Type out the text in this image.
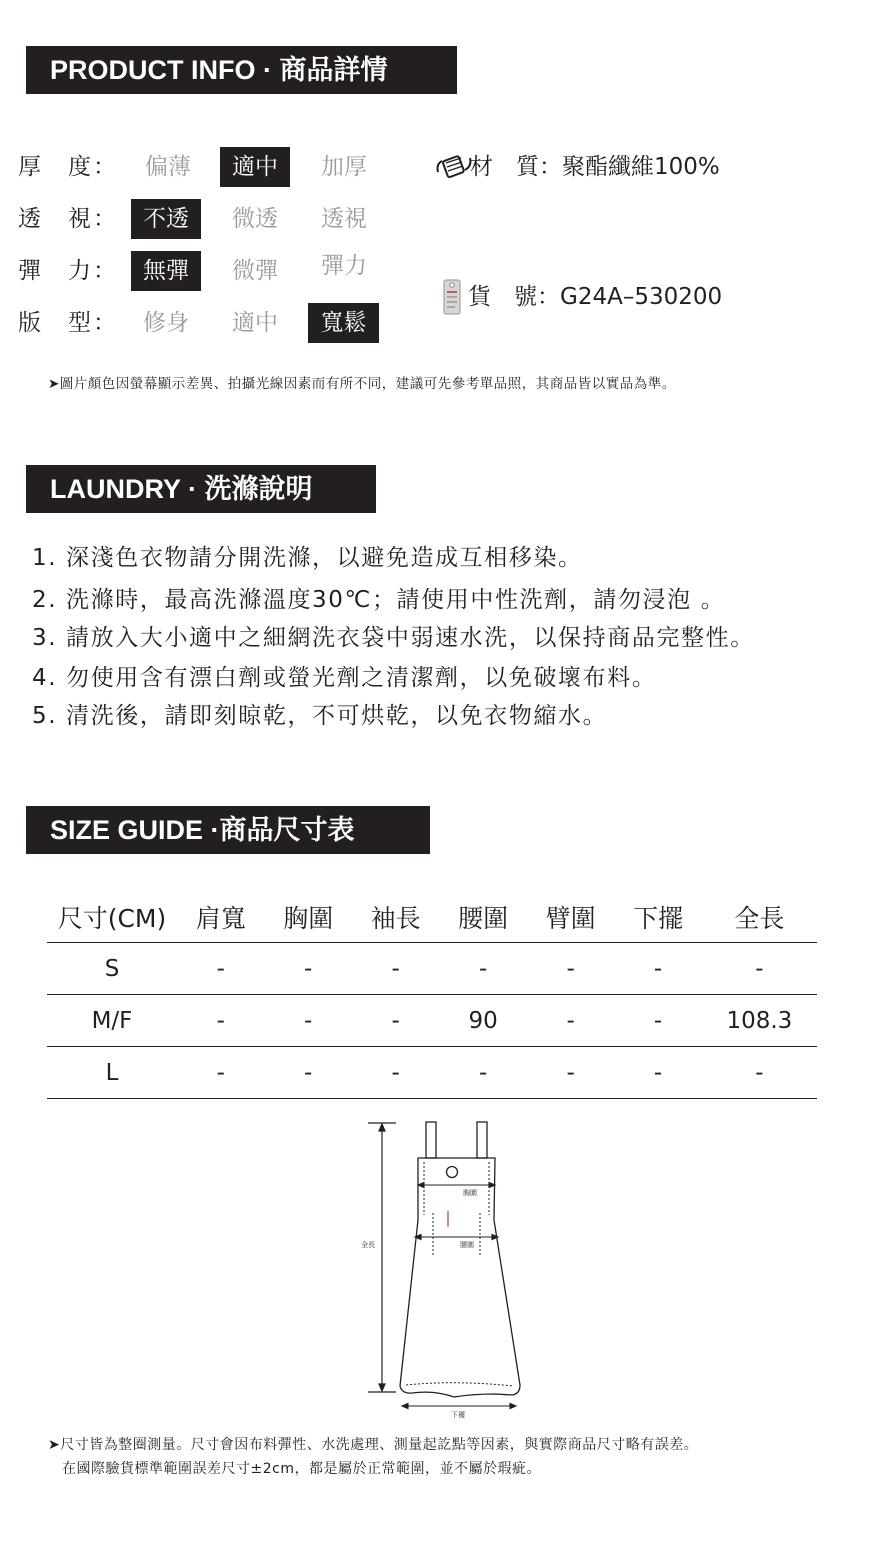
PRODUCT INFO · 商品詳情
厚　度：	偏薄	適中	加厚
透　視：	不透	微透	透視
彈　力：	無彈	微彈	彈力
版　型：	修身	適中	寬鬆
材　質：聚酯纖維100%
貨　號：G24A–530200
➤圖片顏色因螢幕顯示差異、拍攝光線因素而有所不同，建議可先參考單品照，其商品皆以實品為準。
LAUNDRY · 洗滌說明
1. 深淺色衣物請分開洗滌，以避免造成互相移染。
2. 洗滌時，最高洗滌溫度30℃；請使用中性洗劑，請勿浸泡 。
3. 請放入大小適中之細網洗衣袋中弱速水洗，以保持商品完整性。
4. 勿使用含有漂白劑或螢光劑之清潔劑，以免破壞布料。
5. 清洗後，請即刻晾乾，不可烘乾，以免衣物縮水。
SIZE GUIDE ·商品尺寸表
尺寸(CM)	肩寬	胸圍	袖長	腰圍	臂圍	下擺	全長
S	-	-	-	-	-	-	-
M/F	-	-	-	90	-	-	108.3
L	-	-	-	-	-	-	-
胸圍
腰圍
全長
下襬
➤尺寸皆為整圈測量。尺寸會因布料彈性、水洗處理、測量起訖點等因素，與實際商品尺寸略有誤差。
在國際驗貨標準範圍誤差尺寸±2cm，都是屬於正常範圍，並不屬於瑕疵。
